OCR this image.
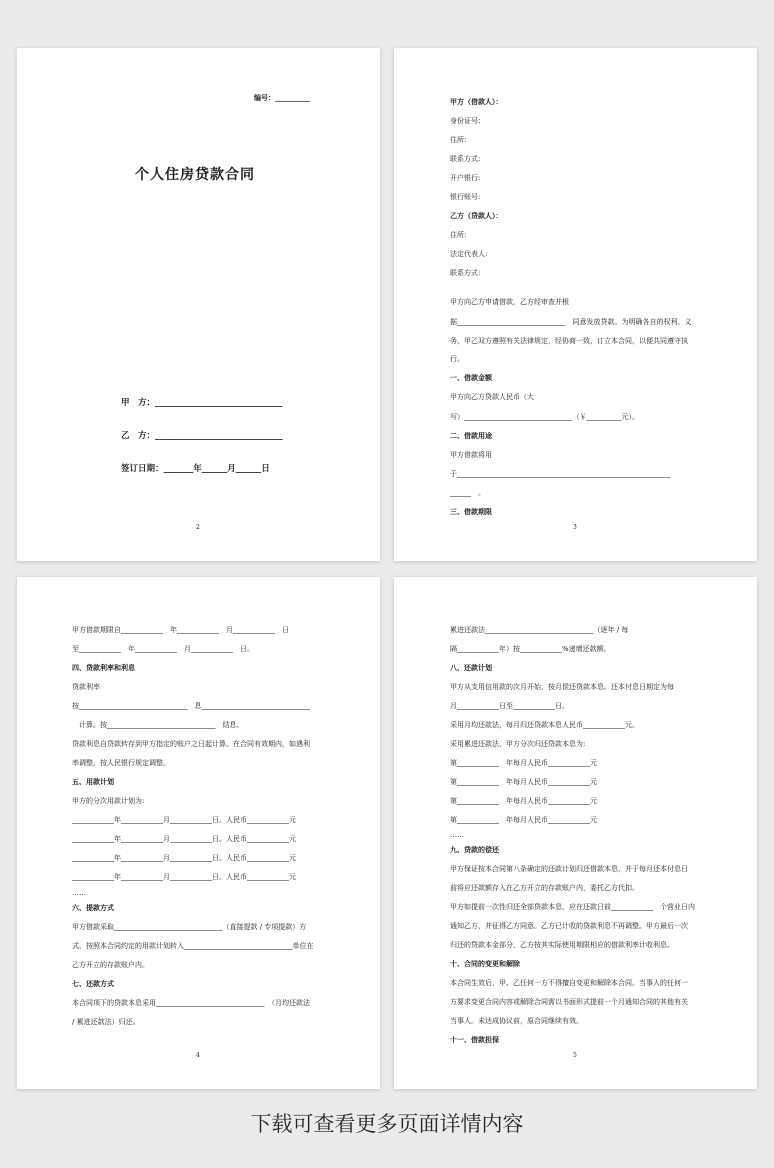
编号：__________
个人住房贷款合同
甲　方：______________________________
乙　方：______________________________
签订日期：_______年______月______日
2
甲方（借款人）：
身份证号：
住所:
联系方式:
开户银行:
银行账号:
乙方（贷款人）：
住所:
法定代表人:
联系方式:
甲方向乙方申请借款，乙方经审查并根
据_______________________________　同意发放贷款。为明确各自的权利、义
务，甲乙双方遵照有关法律规定，经协商一致，订立本合同，以便共同遵守执
行。
一、借款金额
甲方向乙方贷款人民币（大
写）_______________________________（￥__________元）。
二、借款用途
甲方借款将用
于_____________________________________________________________
______　。
三、借款期限
3
甲方借款期限自____________　年____________　月____________　日
至____________　年____________　月____________　日。
四、贷款利率和利息
贷款利率
按_______________________________　息_______________________________
　计算。按_______________________________　结息。
贷款利息自贷款转存到甲方指定的账户之日起计算。在合同有效期内，如遇利
率调整，按人民银行规定调整。
五、用款计划
甲方的分次用款计划为:
____________年____________月____________日。人民币____________元
____________年____________月____________日。人民币____________元
____________年____________月____________日。人民币____________元
____________年____________月____________日。人民币____________元
……
六、提款方式
甲方借款采取_______________________________（直接提款 / 专项提款）方
式，按照本合同约定的用款计划转入_______________________________单位在
乙方开立的存款账户内。
七、还款方式
本合同项下的贷款本息采用_______________________________　（月均还款法
/ 累进还款法）归还。
4
累进还款法_______________________________（逐年 / 每
隔____________年）按____________%递增还款额。
八、还款计划
甲方从支用信用款的次月开始，按月偿还贷款本息。还本付息日期定为每
月____________日至____________日。
采用月均还款法，每月归还贷款本息人民币____________元。
采用累进还款法，甲方分次归还贷款本息为:
第____________　年每月人民币____________元
第____________　年每月人民币____________元
第____________　年每月人民币____________元
第____________　年每月人民币____________元
……
九、贷款的偿还
甲方保证按本合同第八条确定的还款计划归还借款本息，并于每月还本付息日
前将应还款额存入在乙方开立的存款账户内，委托乙方代扣。
甲方如提前一次性归还全部贷款本息，应在还款日前____________　个营业日内
通知乙方，并征得乙方同意。乙方已计收的贷款利息不再调整。甲方最后一次
归还的贷款本金部分，乙方按其实际使用期限相应的借款利率计收利息。
十、合同的变更和解除
本合同生效后，甲、乙任何一方不得擅自变更和解除本合同。当事人的任何一
方要求变更合同内容或解除合同需以书面形式提前一个月通知合同的其他有关
当事人。未达成协议前，原合同继续有效。
十一、借款担保
5
下载可查看更多页面详情内容
